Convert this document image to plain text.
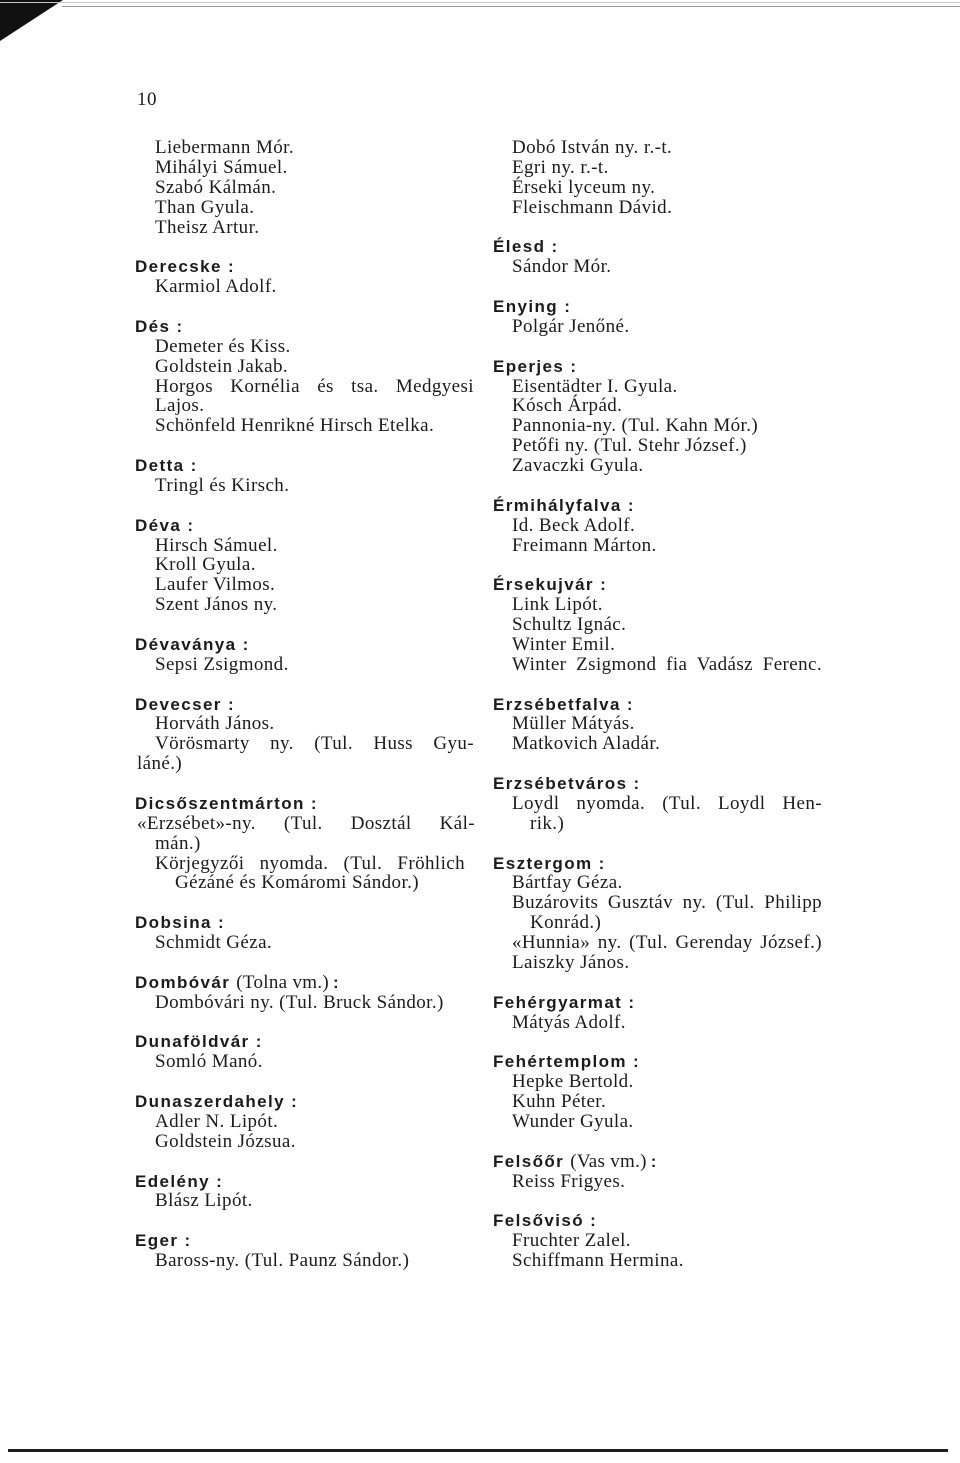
10
Liebermann Mór.
Mihályi Sámuel.
Szabó Kálmán.
Than Gyula.
Theisz Artur.
Derecske :
Karmiol Adolf.
Dés :
Demeter és Kiss.
Goldstein Jakab.
Horgos Kornélia és tsa. Medgyesi
Lajos.
Schönfeld Henrikné Hirsch Etelka.
Detta :
Tringl és Kirsch.
Déva :
Hirsch Sámuel.
Kroll Gyula.
Laufer Vilmos.
Szent János ny.
Dévaványa :
Sepsi Zsigmond.
Devecser :
Horváth János.
Vörösmarty ny. (Tul. Huss Gyu-
láné.)
Dicsőszentmárton :
«Erzsébet»-ny. (Tul. Dosztál Kál-
mán.)
Körjegyzői nyomda. (Tul. Fröhlich
Gézáné és Komáromi Sándor.)
Dobsina :
Schmidt Géza.
Dombóvár (Tolna vm.) :
Dombóvári ny. (Tul. Bruck Sándor.)
Dunaföldvár :
Somló Manó.
Dunaszerdahely :
Adler N. Lipót.
Goldstein Józsua.
Edelény :
Blász Lipót.
Eger :
Baross-ny. (Tul. Paunz Sándor.)
Dobó István ny. r.-t.
Egri ny. r.-t.
Érseki lyceum ny.
Fleischmann Dávid.
Élesd :
Sándor Mór.
Enying :
Polgár Jenőné.
Eperjes :
Eisentädter I. Gyula.
Kósch Árpád.
Pannonia-ny. (Tul. Kahn Mór.)
Petőfi ny. (Tul. Stehr József.)
Zavaczki Gyula.
Érmihályfalva :
Id. Beck Adolf.
Freimann Márton.
Érsekujvár :
Link Lipót.
Schultz Ignác.
Winter Emil.
Winter Zsigmond fia Vadász Ferenc.
Erzsébetfalva :
Müller Mátyás.
Matkovich Aladár.
Erzsébetváros :
Loydl nyomda. (Tul. Loydl Hen-
rik.)
Esztergom :
Bártfay Géza.
Buzárovits Gusztáv ny. (Tul. Philipp
Konrád.)
«Hunnia» ny. (Tul. Gerenday József.)
Laiszky János.
Fehérgyarmat :
Mátyás Adolf.
Fehértemplom :
Hepke Bertold.
Kuhn Péter.
Wunder Gyula.
Felsőőr (Vas vm.) :
Reiss Frigyes.
Felsővisó :
Fruchter Zalel.
Schiffmann Hermina.
